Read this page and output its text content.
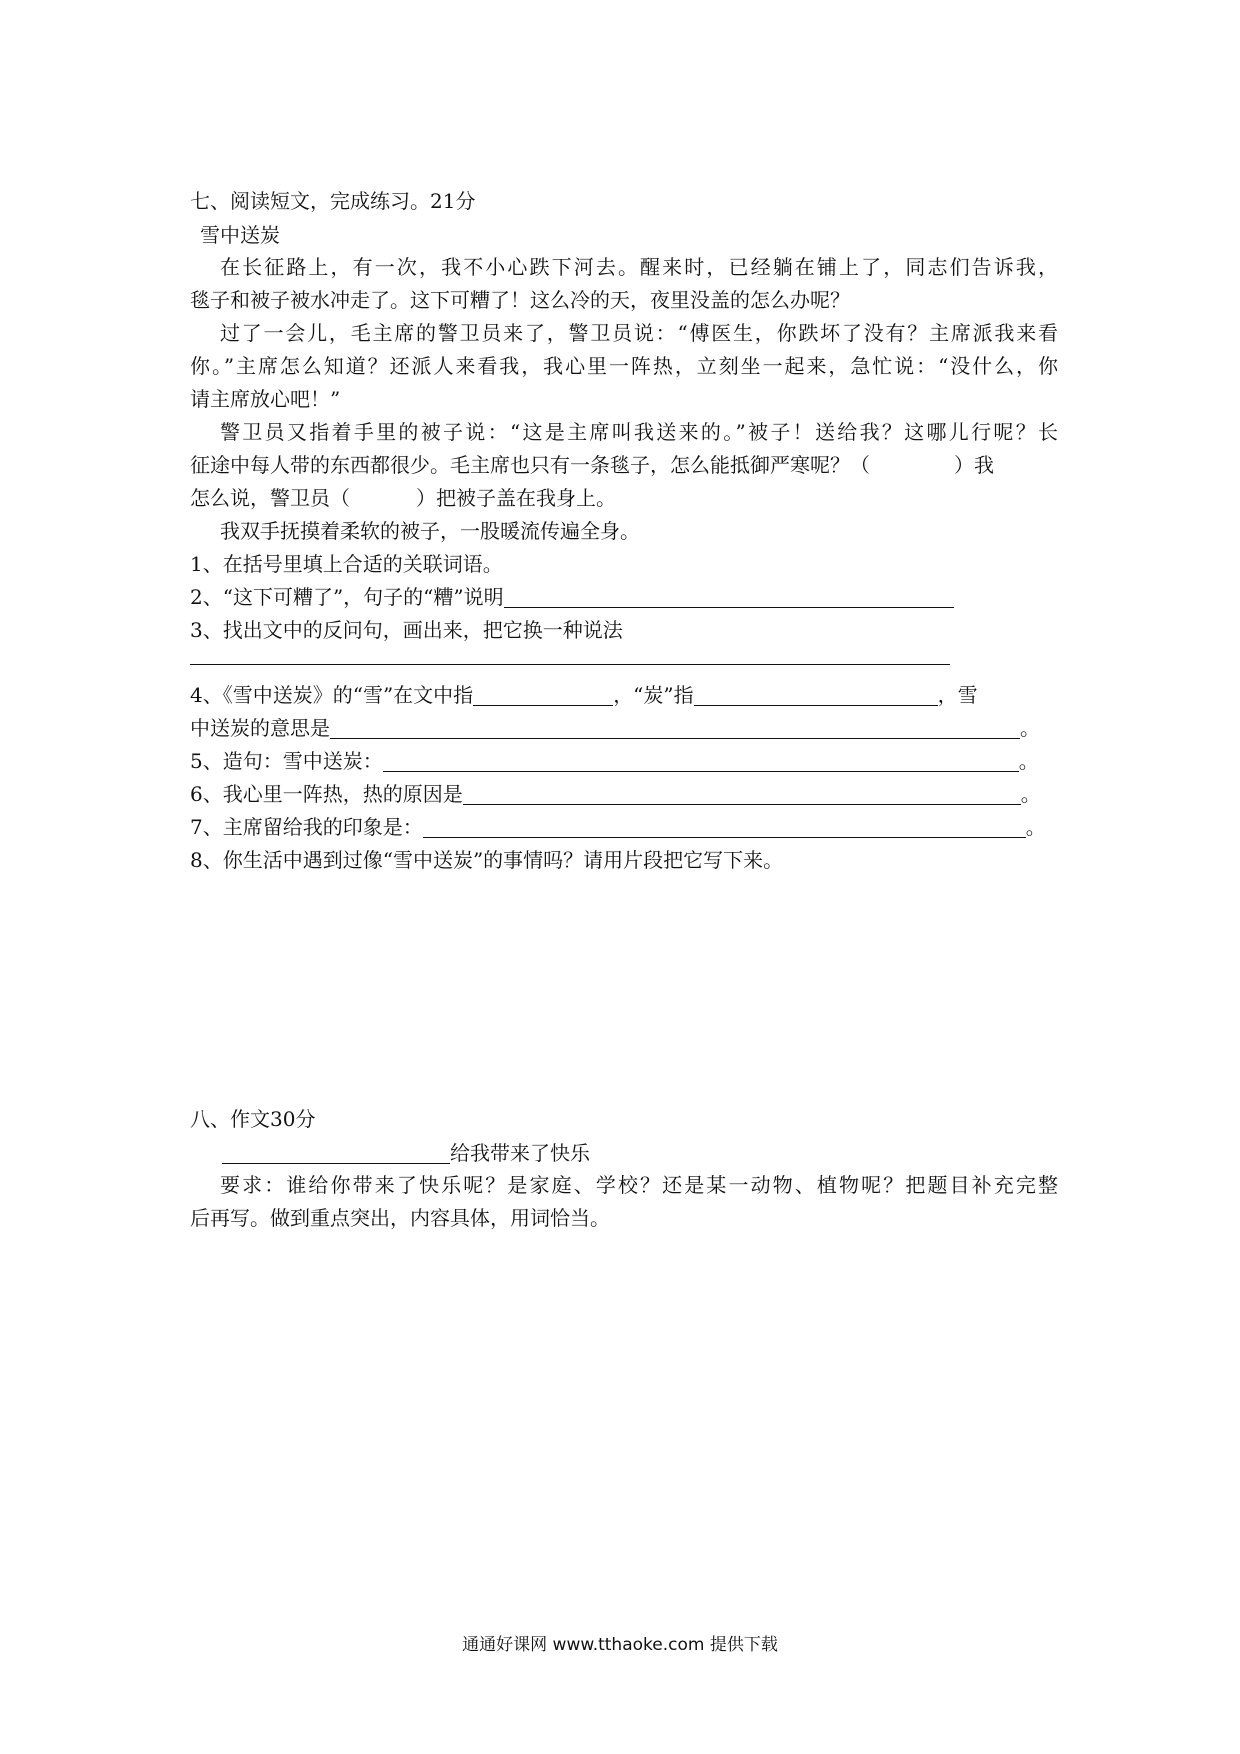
七、阅读短文，完成练习。21分
雪中送炭
在长征路上，有一次，我不小心跌下河去。醒来时，已经躺在铺上了，同志们告诉我，
毯子和被子被水冲走了。这下可糟了！这么冷的天，夜里没盖的怎么办呢？
过了一会儿，毛主席的警卫员来了，警卫员说：“傅医生，你跌坏了没有？主席派我来看
你。”主席怎么知道？还派人来看我，我心里一阵热，立刻坐一起来，急忙说：“没什么，你
请主席放心吧！”
警卫员又指着手里的被子说：“这是主席叫我送来的。”被子！送给我？这哪儿行呢？长
征途中每人带的东西都很少。毛主席也只有一条毯子，怎么能抵御严寒呢？（	）我
怎么说，警卫员（	）把被子盖在我身上。
我双手抚摸着柔软的被子，一股暖流传遍全身。
1、在括号里填上合适的关联词语。
2、“这下可糟了”，句子的“糟”说明
3、找出文中的反问句，画出来，把它换一种说法
4、《雪中送炭》的“雪”在文中指	，“炭”指	，雪
中送炭的意思是	。
5、造句：雪中送炭：	。
6、我心里一阵热，热的原因是	。
7、主席留给我的印象是：	。
8、你生活中遇到过像“雪中送炭”的事情吗？请用片段把它写下来。
八、作文30分
给我带来了快乐
要求：谁给你带来了快乐呢？是家庭、学校？还是某一动物、植物呢？把题目补充完整
后再写。做到重点突出，内容具体，用词恰当。
通通好课网 www.tthaoke.com 提供下载
